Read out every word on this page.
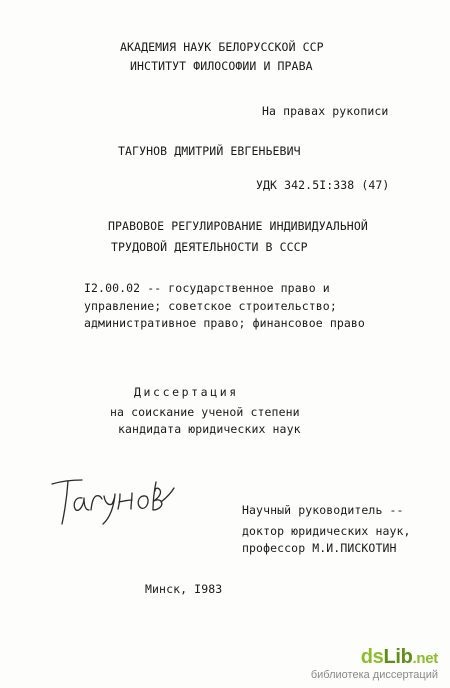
АКАДЕМИЯ НАУК БЕЛОРУССКОЙ ССР
ИНСТИТУТ ФИЛОСОФИИ И ПРАВА
На правах рукописи
ТАГУНОВ ДМИТРИЙ ЕВГЕНЬЕВИЧ
УДК 342.5I:338 (47)
ПРАВОВОЕ РЕГУЛИРОВАНИЕ ИНДИВИДУАЛЬНОЙ
ТРУДОВОЙ ДЕЯТЕЛЬНОСТИ В СССР
I2.00.02 -- государственное право и
управление; советское строительство;
административное право; финансовое право
Диссертация
на соискание ученой степени
кандидата юридических наук
Научный руководитель --
доктор юридических наук,
профессор М.И.ПИСКОТИН
Минск, I983
dsLib.net
библиотека диссертаций
